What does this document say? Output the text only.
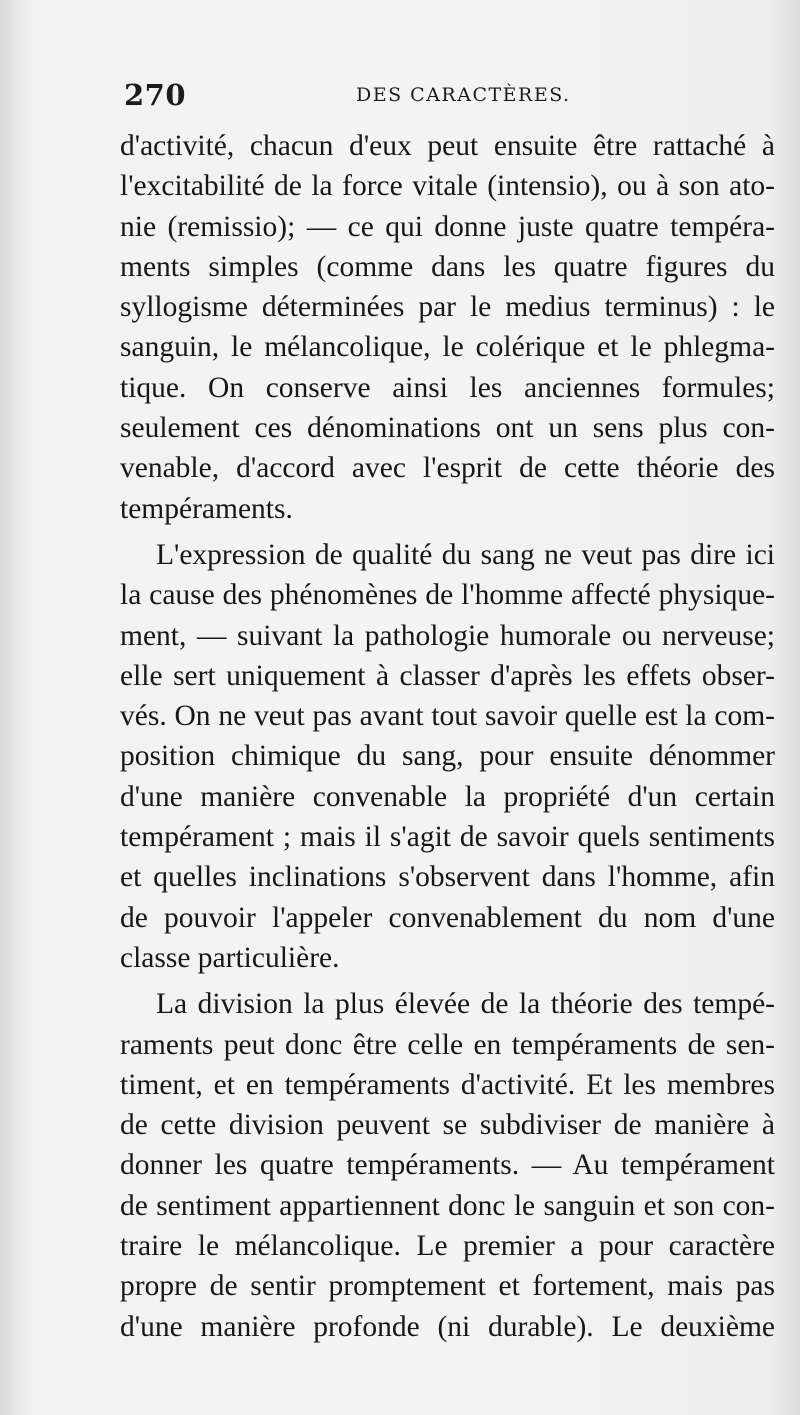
270	DES CARACTÈRES.
d'activité, chacun d'eux peut ensuite être rattaché à
l'excitabilité de la force vitale (intensio), ou à son ato-
nie (remissio); — ce qui donne juste quatre tempéra-
ments simples (comme dans les quatre figures du
syllogisme déterminées par le medius terminus) : le
sanguin, le mélancolique, le colérique et le phlegma-
tique. On conserve ainsi les anciennes formules;
seulement ces dénominations ont un sens plus con-
venable, d'accord avec l'esprit de cette théorie des
tempéraments.
L'expression de qualité du sang ne veut pas dire ici
la cause des phénomènes de l'homme affecté physique-
ment, — suivant la pathologie humorale ou nerveuse;
elle sert uniquement à classer d'après les effets obser-
vés. On ne veut pas avant tout savoir quelle est la com-
position chimique du sang, pour ensuite dénommer
d'une manière convenable la propriété d'un certain
tempérament ; mais il s'agit de savoir quels sentiments
et quelles inclinations s'observent dans l'homme, afin
de pouvoir l'appeler convenablement du nom d'une
classe particulière.
La division la plus élevée de la théorie des tempé-
raments peut donc être celle en tempéraments de sen-
timent, et en tempéraments d'activité. Et les membres
de cette division peuvent se subdiviser de manière à
donner les quatre tempéraments. — Au tempérament
de sentiment appartiennent donc le sanguin et son con-
traire le mélancolique. Le premier a pour caractère
propre de sentir promptement et fortement, mais pas
d'une manière profonde (ni durable). Le deuxième
